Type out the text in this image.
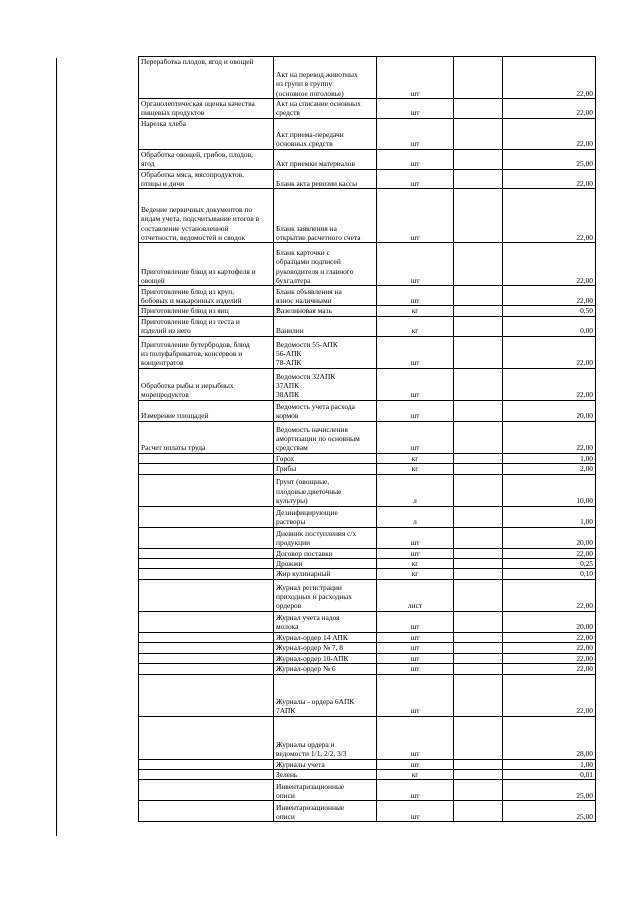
Переработка плодов, ягод и овощей	Акт на перевод животных
из групп в группу
(основное поголовье)	шт		22,00
Органолептическая оценка качества
пищевых продуктов	Акт на списание основных
средств	шт		22,00
Нарезка хлеба	Акт приема-передачи
основных средств	шт		22,00
Обработка овощей, грибов, плодов,
ягод	Акт приемки материалов	шт		25,00
Обработка мяса, мясопродуктов,
птицы и дичи	Бланк акта ревизии кассы	шт		22,00
Ведение первичных документов по
видам учета, подсчитывание итогов в
составление установленной
отчетности, ведомостей и сводок	Бланк заявления на
открытие расчетного счета	шт		22,00
Приготовление блюд из картофеля и
овощей	Бланк карточки с
образцами подписей
руководителя и главного
бухгалтера	шт		22,00
Приготовление блюд из круп,
бобовых и макаронных изделий	Бланк объявления на
взнос наличными	шт		22,00
Приготовление блюд из яиц	Вазелиновая мазь	кг		0,50
Приготовление блюд из теста и
изделий из него	Ванилин	кг		0,00
Приготовление бутербродов, блюд
из полуфабрикатов, консервов и
концентратов	Ведомости 55-АПК
56-АПК
78-АПК	шт		22,00
Обработка рыбы и нерыбных
морепродуктов	Ведомости 32АПК
37АПК
38АПК	шт		22,00
Измерение площадей	Ведомость учета расхода
кормов	шт		20,00
Расчет оплаты труда	Ведомость начисления
амортизации по основным
средствам	шт		22,00
	Горох	кг		1,00
	Грибы	кг		2,00
	Грунт (овощные,
плодовые,цветочные
культуры)	л		10,00
	Дезинфицирующие
растворы	л		1,00
	Дневник поступления с/х
продукции	шт		20,00
	Договор поставки	шт		22,00
	Дрожжи	кг		0,25
	Жир кулинарный	кг		0,10
	Журнал регистрации
приходных и расходных
ордеров	лист		22,00
	Журнал учета надоя
молока	шт		20,00
	Журнал-ордер 14 АПК	шт		22,00
	Журнал-ордер № 7, 8	шт		22,00
	Журнал-ордер 10-АПК	шт		22,00
	Журнал-ордер № 6	шт		22,00
	Журналы - ордера 6АПК
7АПК	шт		22,00
	Журналы ордера и
ведомости 1/1, 2/2, 3/3	шт		28,00
	Журналы учета	шт		1,00
	Зелень	кг		0,01
	Инвентаризационные
описи	шт		25,00
	Инвентаризационные
описи	шт		25,00
